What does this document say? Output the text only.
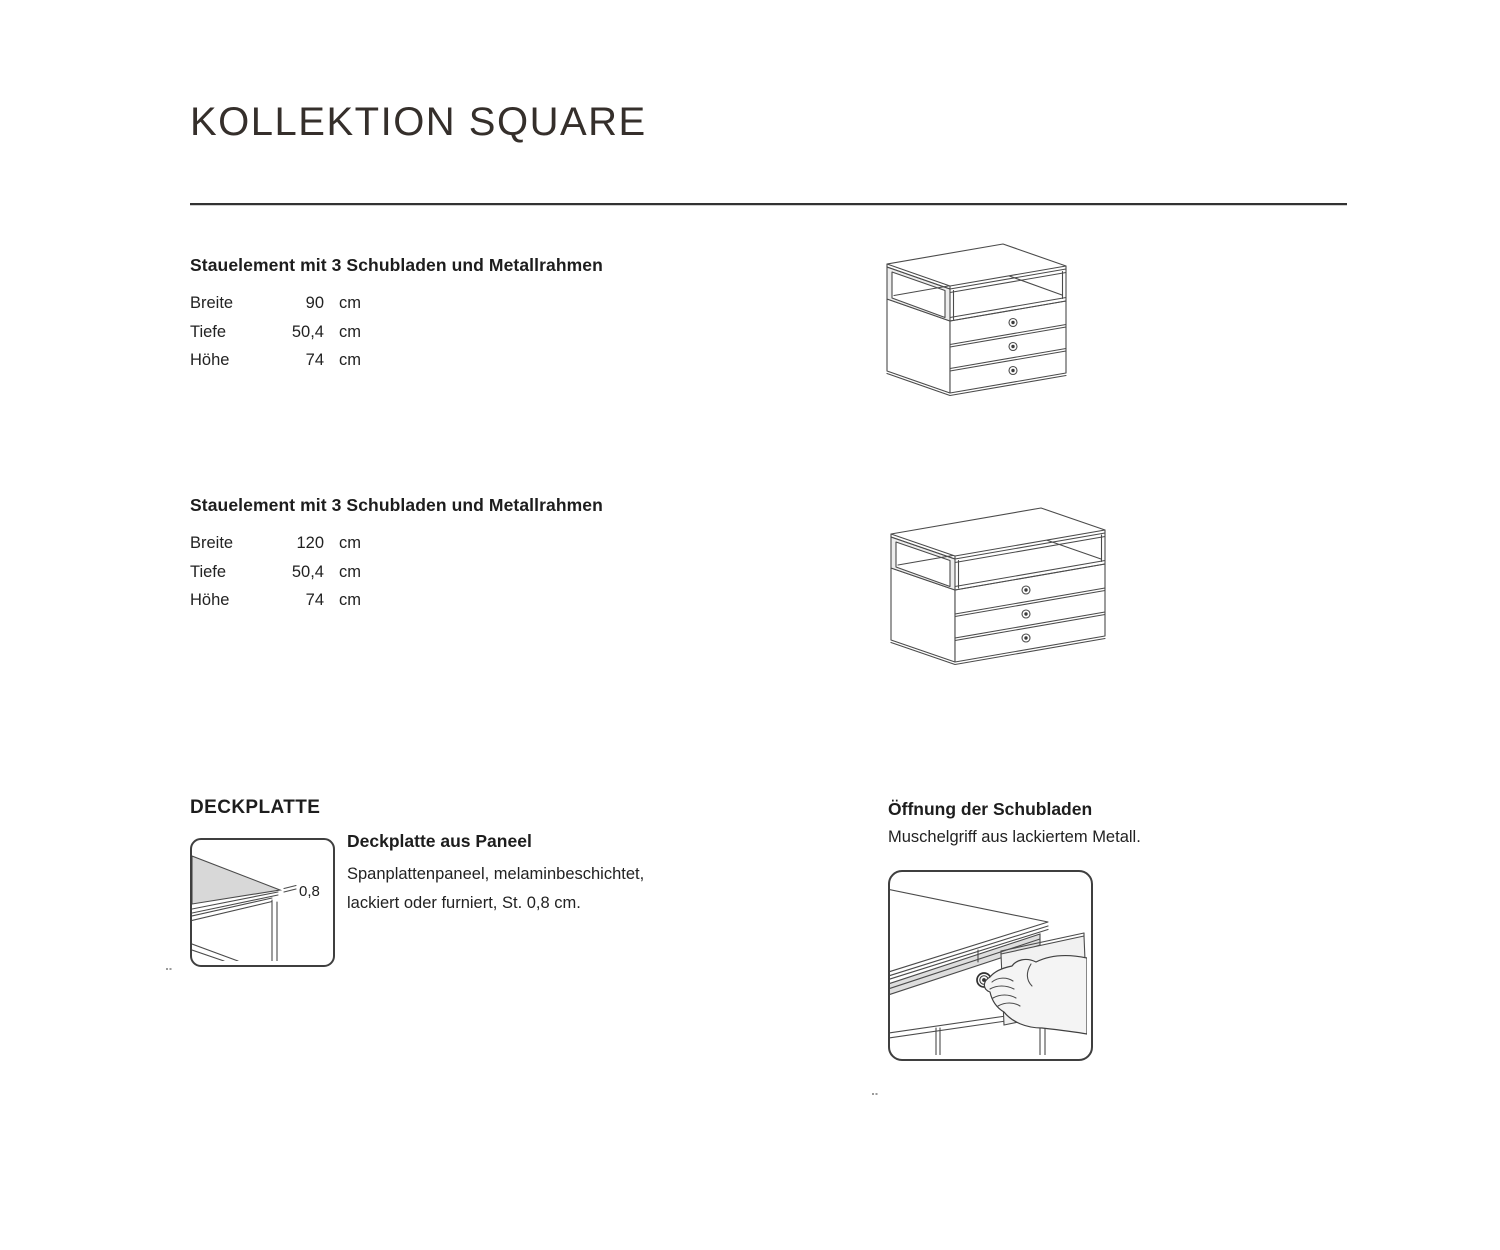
KOLLEKTION SQUARE
Stauelement mit 3 Schubladen und Metallrahmen
Breite	90 cm
Tiefe	50,4 cm
Höhe	74 cm
Stauelement mit 3 Schubladen und Metallrahmen
Breite	120 cm
Tiefe	50,4 cm
Höhe	74 cm
DECKPLATTE
0,8
Deckplatte aus Paneel
Spanplattenpaneel, melaminbeschichtet,
lackiert oder furniert, St. 0,8 cm.
Öffnung der Schubladen
Muschelgriff aus lackiertem Metall.
